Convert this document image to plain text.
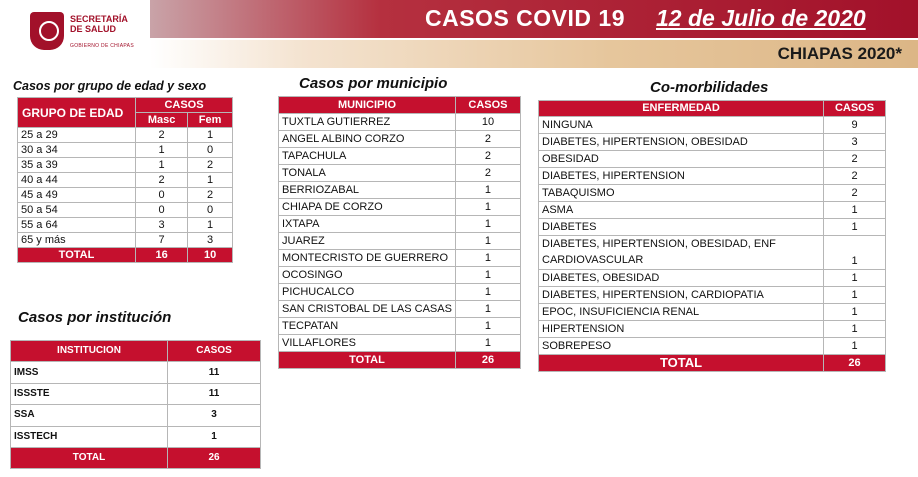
SECRETARÍA
DE SALUD
GOBIERNO DE CHIAPAS
CASOS COVID 19 12 de Julio de 2020
CHIAPAS 2020*
Casos por grupo de edad y sexo	Casos por municipio	Co-morbilidades
Casos por institución
GRUPO DE EDAD	CASOS	
	Masc	Fem
25 a 29	2	1
30 a 34	1	0
35 a 39	1	2
40 a 44	2	1
45 a 49	0	2
50 a 54	0	0
55 a 64	3	1
65 y más	7	3
TOTAL	16	10
MUNICIPIO	CASOS
TUXTLA GUTIERREZ	10
ANGEL ALBINO CORZO	2
TAPACHULA	2
TONALA	2
BERRIOZABAL	1
CHIAPA DE CORZO	1
IXTAPA	1
JUAREZ	1
MONTECRISTO DE GUERRERO	1
OCOSINGO	1
PICHUCALCO	1
SAN CRISTOBAL DE LAS CASAS	1
TECPATAN	1
VILLAFLORES	1
TOTAL	26
ENFERMEDAD	CASOS
NINGUNA	9
DIABETES, HIPERTENSION, OBESIDAD	3
OBESIDAD	2
DIABETES, HIPERTENSION	2
TABAQUISMO	2
ASMA	1
DIABETES	1
DIABETES, HIPERTENSION, OBESIDAD, ENF CARDIOVASCULAR	1
DIABETES, OBESIDAD	1
DIABETES, HIPERTENSION, CARDIOPATIA	1
EPOC, INSUFICIENCIA RENAL	1
HIPERTENSION	1
SOBREPESO	1
TOTAL	26
INSTITUCION	CASOS
IMSS	11
ISSSTE	11
SSA	3
ISSTECH	1
TOTAL	26
